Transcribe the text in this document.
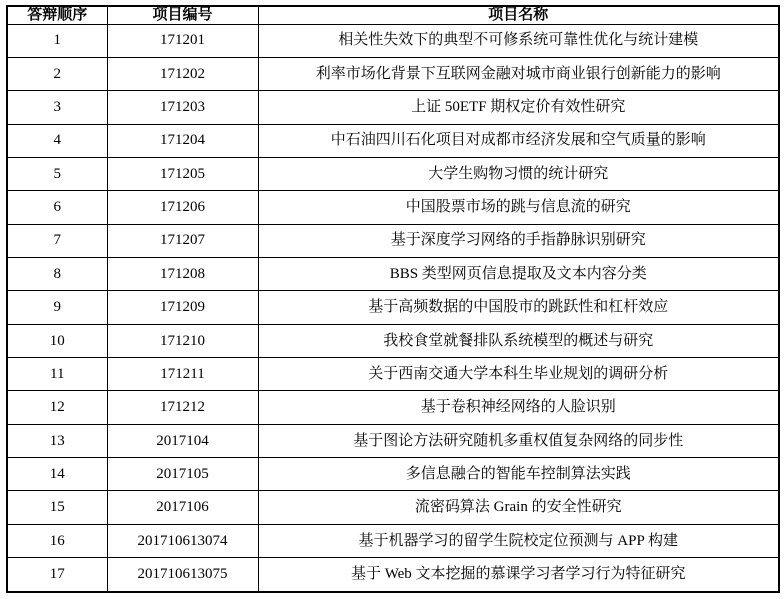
答辩顺序	项目编号	项目名称
1	171201	相关性失效下的典型不可修系统可靠性优化与统计建模
2	171202	利率市场化背景下互联网金融对城市商业银行创新能力的影响
3	171203	上证 50ETF 期权定价有效性研究
4	171204	中石油四川石化项目对成都市经济发展和空气质量的影响
5	171205	大学生购物习惯的统计研究
6	171206	中国股票市场的跳与信息流的研究
7	171207	基于深度学习网络的手指静脉识别研究
8	171208	BBS 类型网页信息提取及文本内容分类
9	171209	基于高频数据的中国股市的跳跃性和杠杆效应
10	171210	我校食堂就餐排队系统模型的概述与研究
11	171211	关于西南交通大学本科生毕业规划的调研分析
12	171212	基于卷积神经网络的人脸识别
13	2017104	基于图论方法研究随机多重权值复杂网络的同步性
14	2017105	多信息融合的智能车控制算法实践
15	2017106	流密码算法 Grain 的安全性研究
16	201710613074	基于机器学习的留学生院校定位预测与 APP 构建
17	201710613075	基于 Web 文本挖掘的慕课学习者学习行为特征研究
